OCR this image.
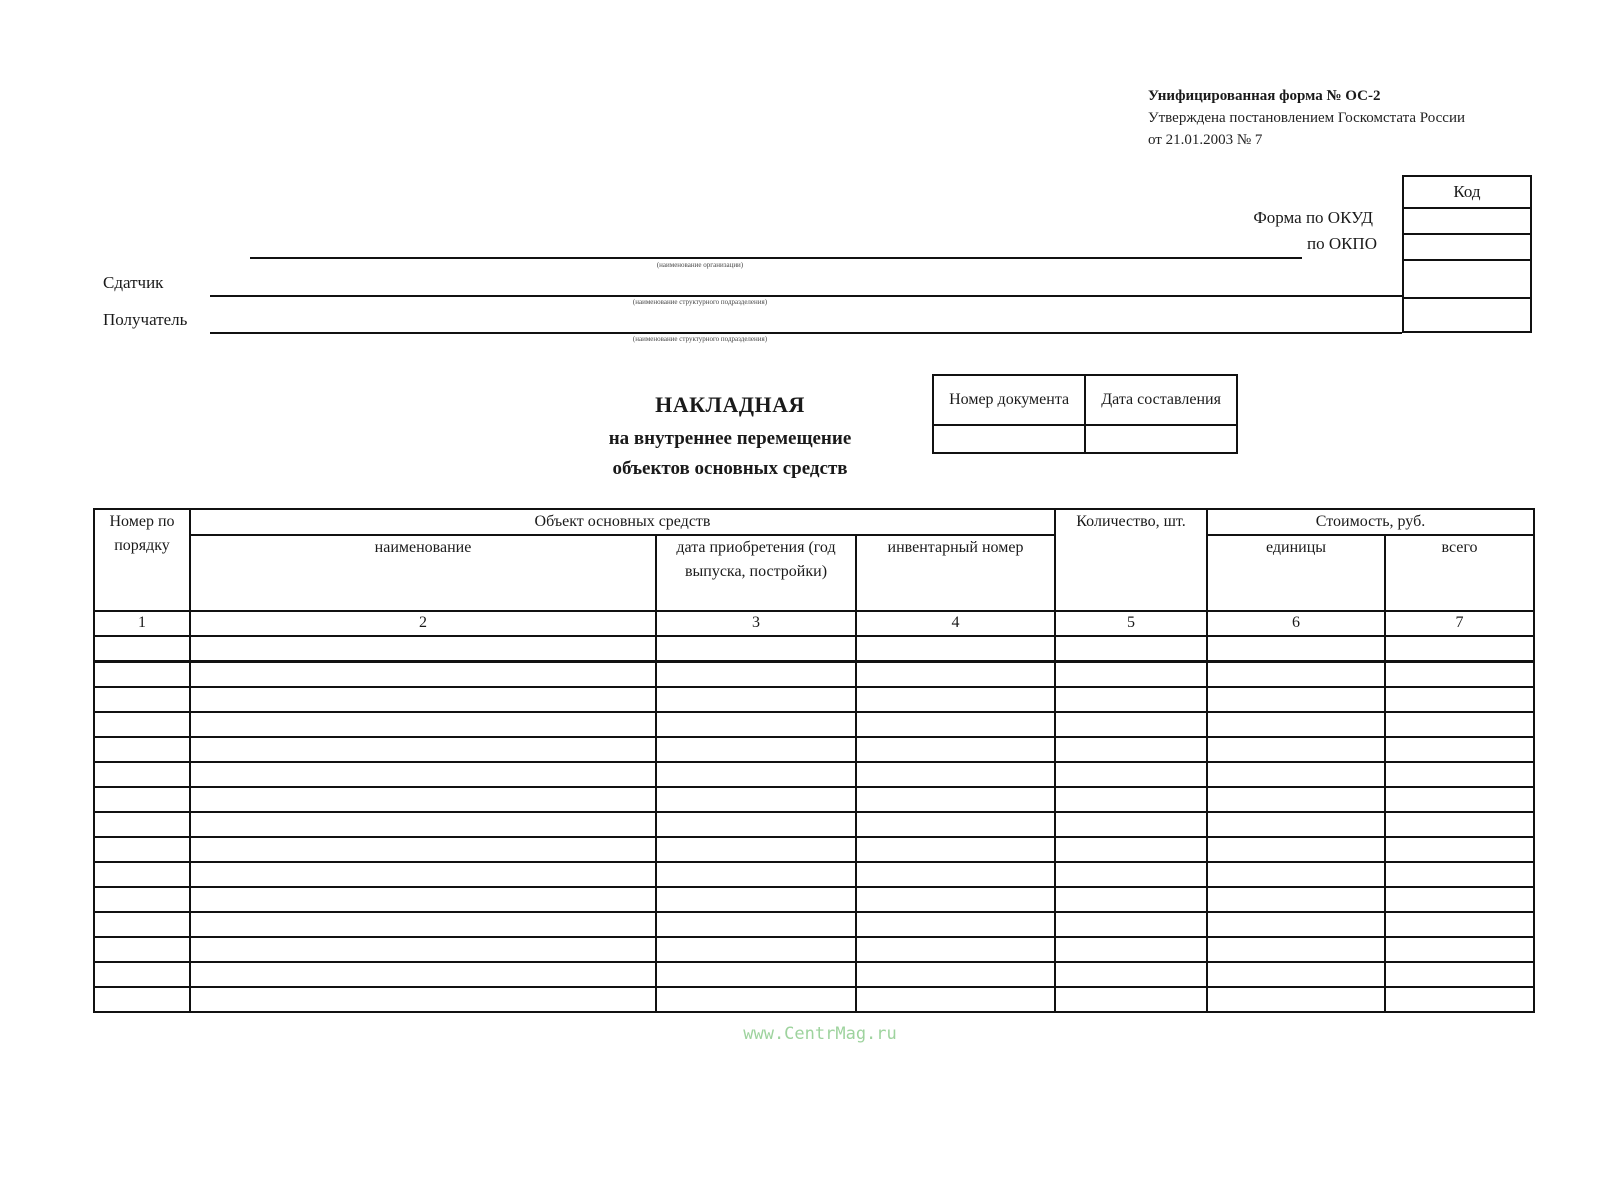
Унифицированная форма № ОС-2
Утверждена постановлением Госкомстата России
от 21.01.2003 № 7
Код
Форма по ОКУД
по ОКПО
(наименование организации)
Сдатчик
(наименование структурного подразделения)
Получатель
(наименование структурного подразделения)
НАКЛАДНАЯ
на внутреннее перемещение
объектов основных средств
Номер документа	Дата составления

Номер по порядку	Объект основных средств			Количество, шт.	Стоимость, руб.	
	наименование	дата приобретения (год выпуска, постройки)	инвентарный номер		единицы	всего
1	2	3	4	5	6	7

www.CentrMag.ru
